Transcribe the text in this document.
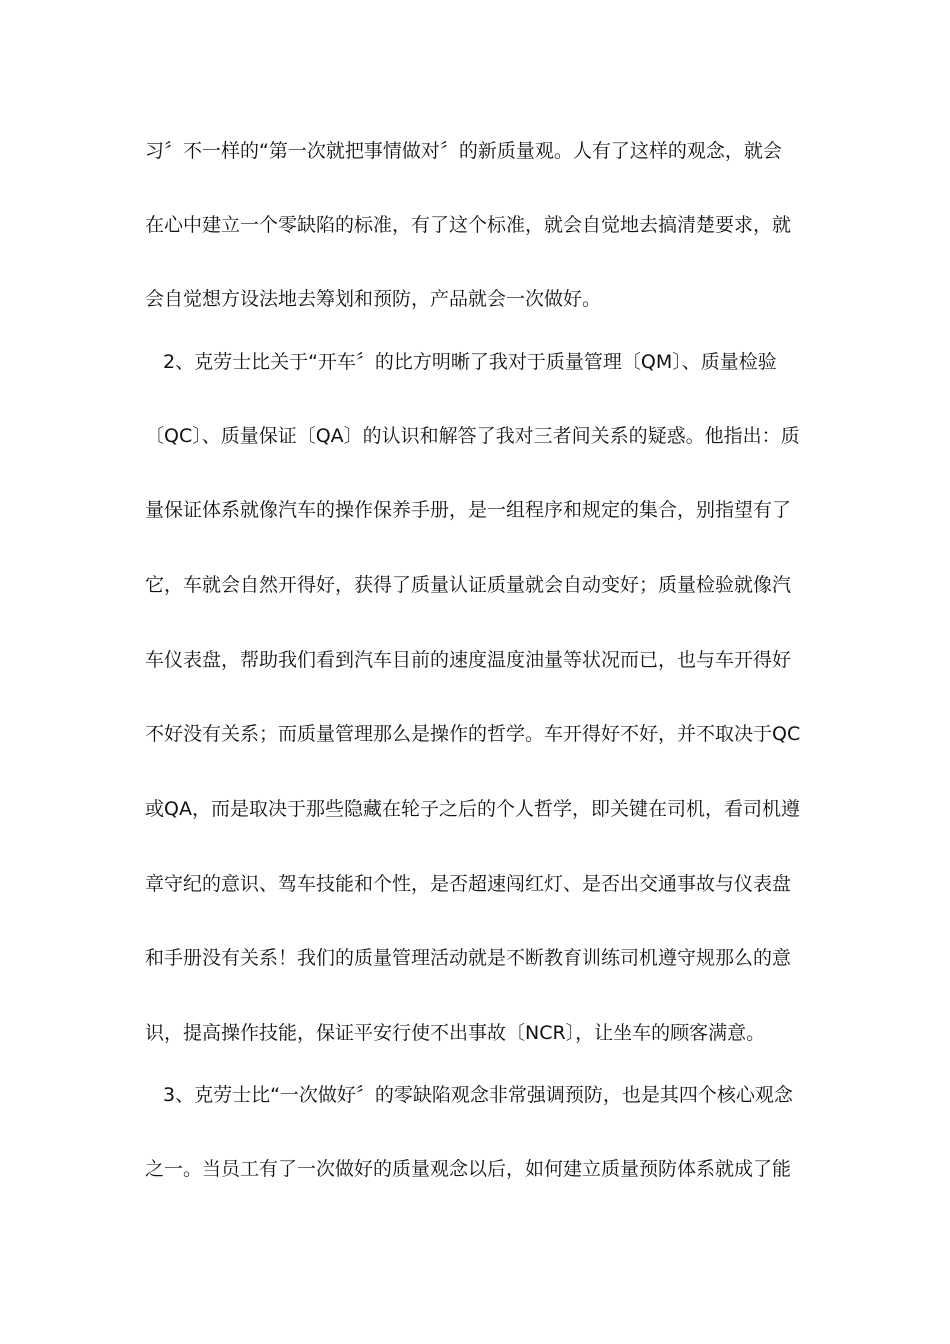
习〞不一样的“第一次就把事情做对〞的新质量观。人有了这样的观念，就会
在心中建立一个零缺陷的标准，有了这个标准，就会自觉地去搞清楚要求，就
会自觉想方设法地去筹划和预防，产品就会一次做好。
2、克劳士比关于“开车〞的比方明晰了我对于质量管理〔QM〕、质量检验
〔QC〕、质量保证〔QA〕的认识和解答了我对三者间关系的疑惑。他指出：质
量保证体系就像汽车的操作保养手册，是一组程序和规定的集合，别指望有了
它，车就会自然开得好，获得了质量认证质量就会自动变好；质量检验就像汽
车仪表盘，帮助我们看到汽车目前的速度温度油量等状况而已，也与车开得好
不好没有关系；而质量管理那么是操作的哲学。车开得好不好，并不取决于QC
或QA，而是取决于那些隐藏在轮子之后的个人哲学，即关键在司机，看司机遵
章守纪的意识、驾车技能和个性，是否超速闯红灯、是否出交通事故与仪表盘
和手册没有关系！我们的质量管理活动就是不断教育训练司机遵守规那么的意
识，提高操作技能，保证平安行使不出事故〔NCR〕，让坐车的顾客满意。
3、克劳士比“一次做好〞的零缺陷观念非常强调预防，也是其四个核心观念
之一。当员工有了一次做好的质量观念以后，如何建立质量预防体系就成了能
